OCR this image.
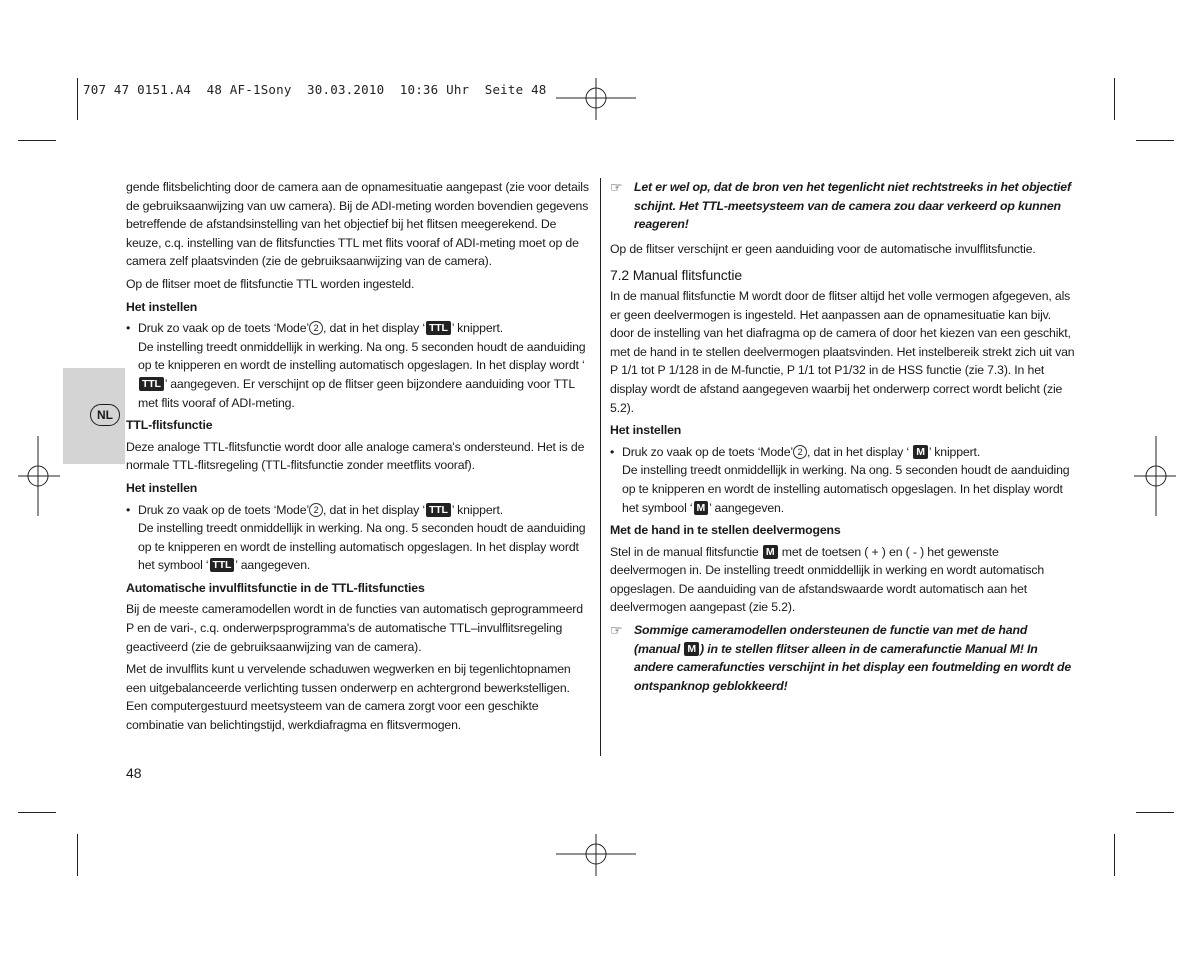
707 47 0151.A4  48 AF-1Sony  30.03.2010  10:36 Uhr  Seite 48
NL

gende flitsbelichting door de camera aan de opnamesituatie aangepast (zie voor details de gebruiksaanwijzing van uw camera). Bij de ADI-meting worden bovendien gegevens betreffende de afstandsinstelling van het objectief bij het flitsen meegerekend. De keuze, c.q. instelling van de flitsfuncties TTL met flits vooraf of ADI-meting moet op de camera zelf plaatsvinden (zie de gebruiksaanwijzing van de camera).

Op de flitser moet de flitsfunctie TTL worden ingesteld.

Het instellen
• Druk zo vaak op de toets ‘Mode’ 2 , dat in het display ‘ TTL ’ knippert.
De instelling treedt onmiddellijk in werking. Na ong. 5 seconden houdt de aanduiding op te knipperen en wordt de instelling automatisch opgeslagen. In het display wordt ‘TTL ’ aangegeven. Er verschijnt op de flitser geen bijzondere aanduiding voor TTL met flits vooraf of ADI-meting.
TTL-flitsfunctie

Deze analoge TTL-flitsfunctie wordt door alle analoge camera's ondersteund. Het is de normale TTL-flitsregeling (TTL-flitsfunctie zonder meetflits vooraf).

Het instellen
• Druk zo vaak op de toets ‘Mode’ 2 , dat in het display ‘ TTL ’ knippert.
De instelling treedt onmiddellijk in werking. Na ong. 5 seconden houdt de aanduiding op te knipperen en wordt de instelling automatisch opgeslagen. In het display wordt het symbool ‘ TTL ’ aangegeven.
Automatische invulflitsfunctie in de TTL-flitsfuncties

Bij de meeste cameramodellen wordt in de functies van automatisch geprogrammeerd P en de vari-, c.q. onderwerpsprogramma's de automatische TTL–invulflitsregeling geactiveerd (zie de gebruiksaanwijzing van de camera).

Met de invulflits kunt u vervelende schaduwen wegwerken en bij tegenlichtopnamen een uitgebalanceerde verlichting tussen onderwerp en achtergrond bewerkstelligen. Een computergestuurd meetsysteem van de camera zorgt voor een geschikte combinatie van belichtingstijd, werkdiafragma en flitsvermogen.

☞ Let er wel op, dat de bron ven het tegenlicht niet rechtstreeks in het objectief schijnt. Het TTL-meetsysteem van de camera zou daar verkeerd op kunnen reageren!

Op de flitser verschijnt er geen aanduiding voor de automatische invulflitsfunctie.

7.2 Manual flitsfunctie

In de manual flitsfunctie M wordt door de flitser altijd het volle vermogen afgegeven, als er geen deelvermogen is ingesteld. Het aanpassen aan de opnamesituatie kan bijv. door de instelling van het diafragma op de camera of door het kiezen van een geschikt, met de hand in te stellen deelvermogen plaatsvinden. Het instelbereik strekt zich uit van P 1/1 tot P 1/128 in de M-functie, P 1/1 tot P1/32 in de HSS functie (zie 7.3). In het display wordt de afstand aangegeven waarbij het onderwerp correct wordt belicht (zie 5.2).

Het instellen
• Druk zo vaak op de toets ‘Mode’ 2 , dat in het display ‘ M ’ knippert.
De instelling treedt onmiddellijk in werking. Na ong. 5 seconden houdt de aanduiding op te knipperen en wordt de instelling automatisch opgeslagen. In het display wordt het symbool ‘ M ’ aangegeven.
Met de hand in te stellen deelvermogens

Stel in de manual flitsfunctie M met de toetsen ( + ) en ( - ) het gewenste deelvermogen in. De instelling treedt onmiddellijk in werking en wordt automatisch opgeslagen. De aanduiding van de afstandswaarde wordt automatisch aan het deelvermogen aangepast (zie 5.2).

☞ Sommige cameramodellen ondersteunen de functie van met de hand (manual M ) in te stellen flitser alleen in de camerafunctie Manual M! In andere camerafuncties verschijnt in het display een foutmelding en wordt de ontspanknop geblokkeerd!
48
